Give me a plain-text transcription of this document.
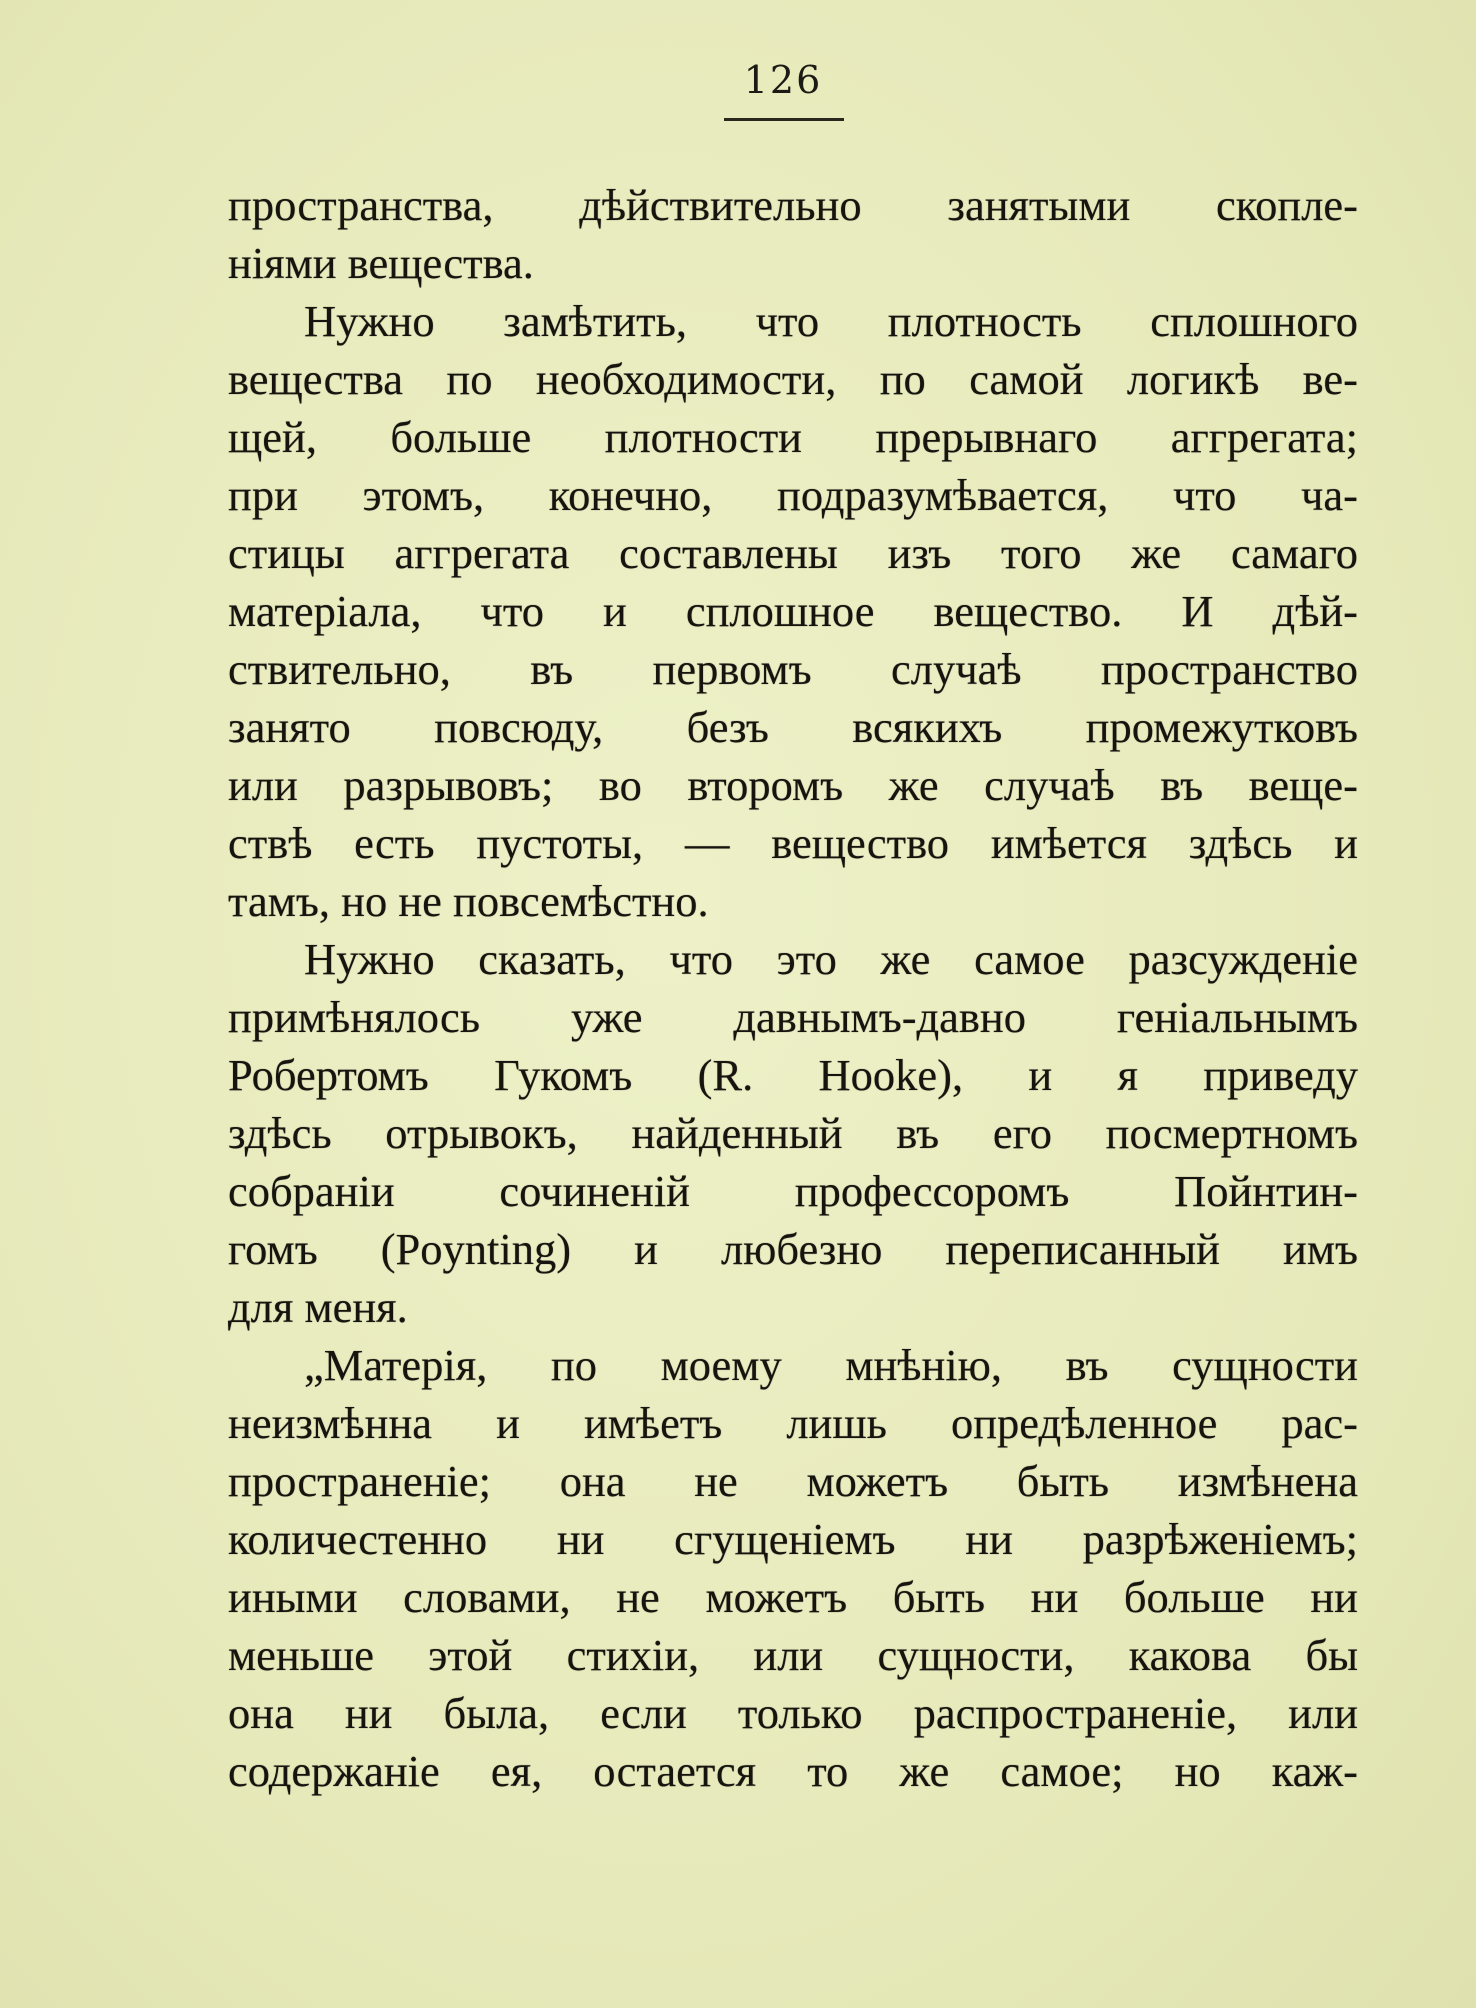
126
пространства, дѣйствительно занятыми скопле-
ніями вещества.
Нужно замѣтить, что плотность сплошного
вещества по необходимости, по самой логикѣ ве-
щей, больше плотности прерывнаго аггрегата;
при этомъ, конечно, подразумѣвается, что ча-
стицы аггрегата составлены изъ того же самаго
матеріала, что и сплошное вещество. И дѣй-
ствительно, въ первомъ случаѣ пространство
занято повсюду, безъ всякихъ промежутковъ
или разрывовъ; во второмъ же случаѣ въ веще-
ствѣ есть пустоты, — вещество имѣется здѣсь и
тамъ, но не повсемѣстно.
Нужно сказать, что это же самое разсужденіе
примѣнялось уже давнымъ-давно геніальнымъ
Робертомъ Гукомъ (R. Hooke), и я приведу
здѣсь отрывокъ, найденный въ его посмертномъ
собраніи сочиненій профессоромъ Пойнтин-
гомъ (Poynting) и любезно переписанный имъ
для меня.
„Матерія, по моему мнѣнію, въ сущности
неизмѣнна и имѣетъ лишь опредѣленное рас-
пространеніе; она не можетъ быть измѣнена
количестенно ни сгущеніемъ ни разрѣженіемъ;
иными словами, не можетъ быть ни больше ни
меньше этой стихіи, или сущности, какова бы
она ни была, если только распространеніе, или
содержаніе ея, остается то же самое; но каж-
